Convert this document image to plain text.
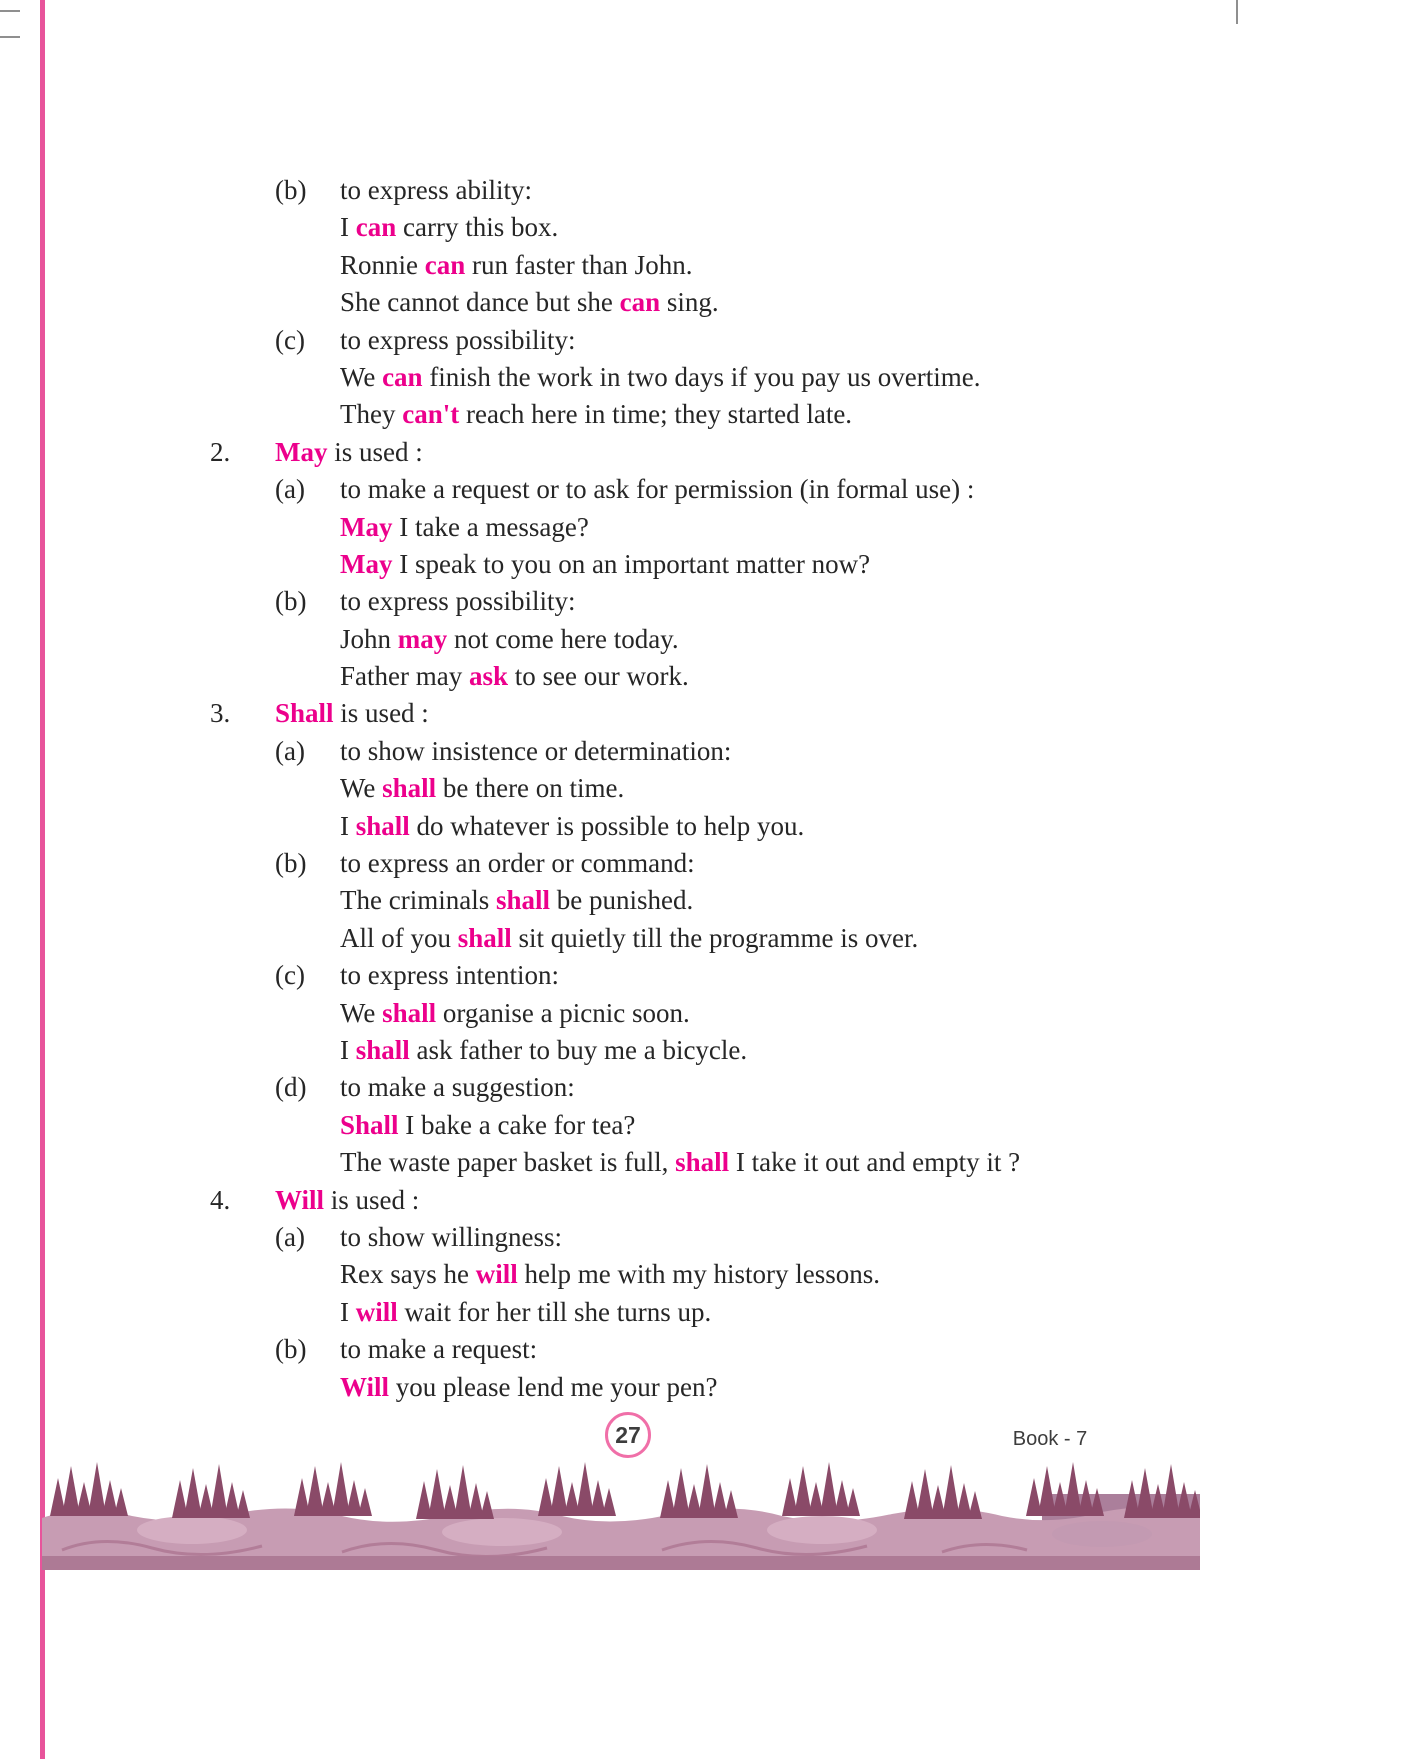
(b) to express ability:
I can carry this box.
Ronnie can run faster than John.
She cannot dance but she can sing.
(c) to express possibility:
We can finish the work in two days if you pay us overtime.
They can't reach here in time; they started late.
2. May is used :
(a) to make a request or to ask for permission (in formal use) :
May I take a message?
May I speak to you on an important matter now?
(b) to express possibility:
John may not come here today.
Father may ask to see our work.
3. Shall is used :
(a) to show insistence or determination:
We shall be there on time.
I shall do whatever is possible to help you.
(b) to express an order or command:
The criminals shall be punished.
All of you shall sit quietly till the programme is over.
(c) to express intention:
We shall organise a picnic soon.
I shall ask father to buy me a bicycle.
(d) to make a suggestion:
Shall I bake a cake for tea?
The waste paper basket is full, shall I take it out and empty it ?
4. Will is used :
(a) to show willingness:
Rex says he will help me with my history lessons.
I will wait for her till she turns up.
(b) to make a request:
Will you please lend me your pen?
27	Book - 7
